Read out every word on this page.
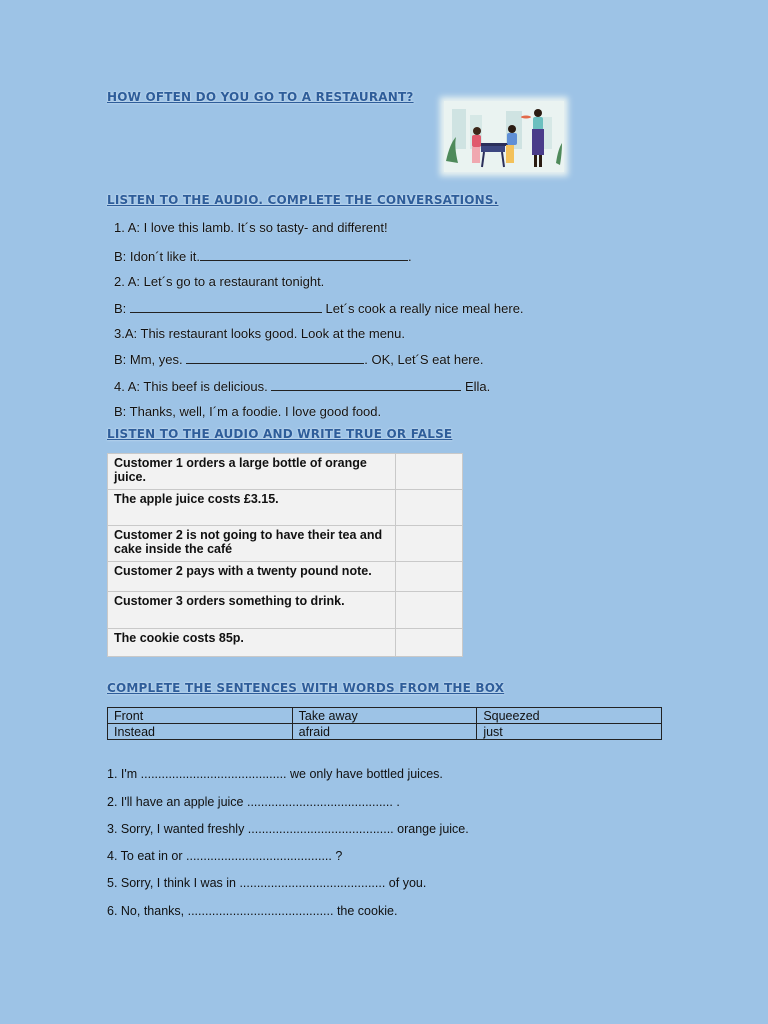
HOW OFTEN DO YOU GO TO A RESTAURANT?
LISTEN TO THE AUDIO. COMPLETE THE CONVERSATIONS.

1. A: I love this lamb. It´s so tasty- and different!

B: Idon´t like it.	.

2. A: Let´s go to a restaurant tonight.

B:	Let´s cook a really nice meal here.

3.A: This restaurant looks good. Look at the menu.

B: Mm, yes.	. OK, Let´S eat here.

4. A: This beef is delicious.	Ella.

B: Thanks, well, I´m a foodie. I love good food.

LISTEN TO THE AUDIO AND WRITE TRUE OR FALSE
Customer 1 orders a large bottle of orange juice.	
The apple juice costs £3.15.	
Customer 2 is not going to have their tea and cake inside the café	
Customer 2 pays with a twenty pound note.	
Customer 3 orders something to drink.	
The cookie costs 85p.	
COMPLETE THE SENTENCES WITH WORDS FROM THE BOX
Front	Take away	Squeezed
Instead	afraid	just

1. I'm .......................................... we only have bottled juices.

2. I'll have an apple juice .......................................... .

3. Sorry, I wanted freshly .......................................... orange juice.

4. To eat in or .......................................... ?

5. Sorry, I think I was in .......................................... of you.

6. No, thanks, .......................................... the cookie.
